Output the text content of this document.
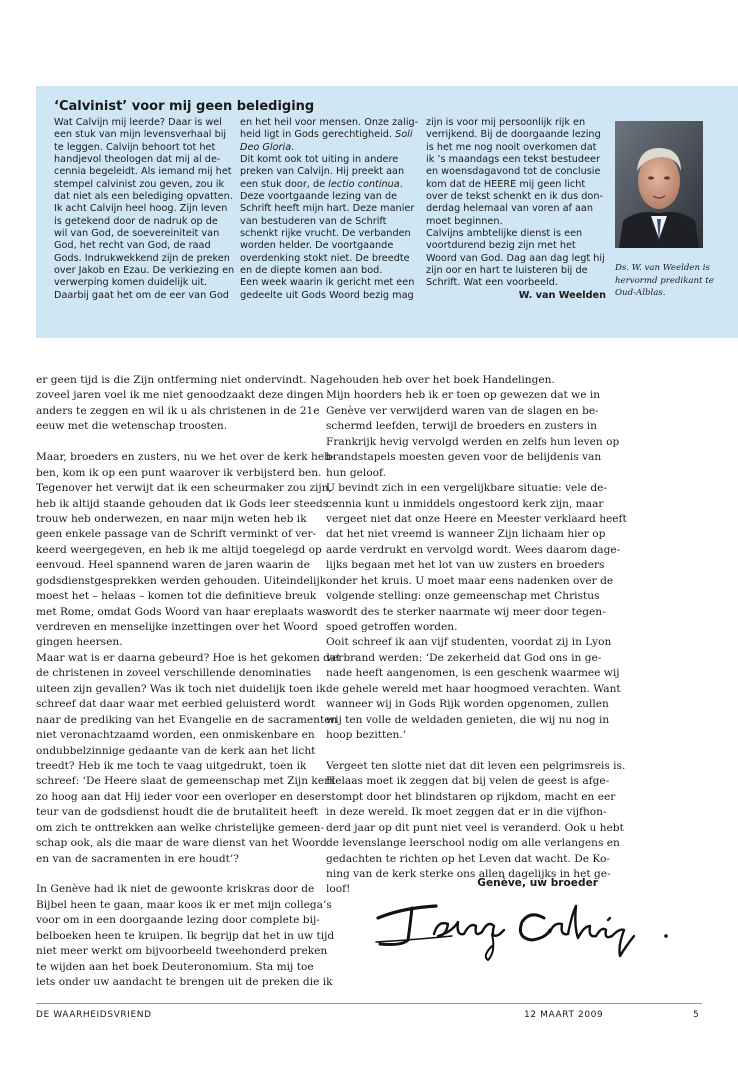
‘Calvinist’ voor mij geen belediging
Wat Calvijn mij leerde? Daar is wel
een stuk van mijn levensverhaal bij
te leggen. Calvijn behoort tot het
handjevol theologen dat mij al de-
cennia begeleidt. Als iemand mij het
stempel calvinist zou geven, zou ik
dat niet als een belediging opvatten.
Ik acht Calvijn heel hoog. Zijn leven
is getekend door de nadruk op de
wil van God, de soevereiniteit van
God, het recht van God, de raad
Gods. Indrukwekkend zijn de preken
over Jakob en Ezau. De verkiezing en
verwerping komen duidelijk uit.
Daarbij gaat het om de eer van God
en het heil voor mensen. Onze zalig-
heid ligt in Gods gerechtigheid. Soli
Deo Gloria.
Dit komt ook tot uiting in andere
preken van Calvijn. Hij preekt aan
een stuk door, de lectio continua.
Deze voortgaande lezing van de
Schrift heeft mijn hart. Deze manier
van bestuderen van de Schrift
schenkt rijke vrucht. De verbanden
worden helder. De voortgaande
overdenking stokt niet. De breedte
en de diepte komen aan bod.
Een week waarin ik gericht met een
gedeelte uit Gods Woord bezig mag
zijn is voor mij persoonlijk rijk en
verrijkend. Bij de doorgaande lezing
is het me nog nooit overkomen dat
ik ’s maandags een tekst bestudeer
en woensdagavond tot de conclusie
kom dat de HEERE mij geen licht
over de tekst schenkt en ik dus don-
derdag helemaal van voren af aan
moet beginnen.
Calvijns ambtelijke dienst is een
voortdurend bezig zijn met het
Woord van God. Dag aan dag legt hij
zijn oor en hart te luisteren bij de
Schrift. Wat een voorbeeld.
W. van Weelden
Ds. W. van Weelden is
hervormd predikant te
Oud-Alblas.
er geen tijd is die Zijn ontferming niet ondervindt. Na
zoveel jaren voel ik me niet genoodzaakt deze dingen
anders te zeggen en wil ik u als christenen in de 21e
eeuw met die wetenschap troosten.
Maar, broeders en zusters, nu we het over de kerk heb-
ben, kom ik op een punt waarover ik verbijsterd ben.
Tegenover het verwijt dat ik een scheurmaker zou zijn,
heb ik altijd staande gehouden dat ik Gods leer steeds
trouw heb onderwezen, en naar mijn weten heb ik
geen enkele passage van de Schrift verminkt of ver-
keerd weergegeven, en heb ik me altijd toegelegd op
eenvoud. Heel spannend waren de jaren waarin de
godsdienstgesprekken werden gehouden. Uiteindelijk
moest het – helaas – komen tot die definitieve breuk
met Rome, omdat Gods Woord van haar ereplaats was
verdreven en menselijke inzettingen over het Woord
gingen heersen.
Maar wat is er daarna gebeurd? Hoe is het gekomen dat
de christenen in zoveel verschillende denominaties
uiteen zijn gevallen? Was ik toch niet duidelijk toen ik
schreef dat daar waar met eerbied geluisterd wordt
naar de prediking van het Evangelie en de sacramenten
niet veronachtzaamd worden, een onmiskenbare en
ondubbelzinnige gedaante van de kerk aan het licht
treedt? Heb ik me toch te vaag uitgedrukt, toen ik
schreef: ‘De Heere slaat de gemeenschap met Zijn kerk
zo hoog aan dat Hij ieder voor een overloper en deser-
teur van de godsdienst houdt die de brutaliteit heeft
om zich te onttrekken aan welke christelijke gemeen-
schap ook, als die maar de ware dienst van het Woord
en van de sacramenten in ere houdt’?
In Genève had ik niet de gewoonte kriskras door de
Bijbel heen te gaan, maar koos ik er met mijn collega’s
voor om in een doorgaande lezing door complete bij-
belboeken heen te kruipen. Ik begrijp dat het in uw tijd
niet meer werkt om bijvoorbeeld tweehonderd preken
te wijden aan het boek Deuteronomium. Sta mij toe
iets onder uw aandacht te brengen uit de preken die ik
gehouden heb over het boek Handelingen.
Mijn hoorders heb ik er toen op gewezen dat we in
Genève ver verwijderd waren van de slagen en be-
schermd leefden, terwijl de broeders en zusters in
Frankrijk hevig vervolgd werden en zelfs hun leven op
brandstapels moesten geven voor de belijdenis van
hun geloof.
U bevindt zich in een vergelijkbare situatie: vele de-
cennia kunt u inmiddels ongestoord kerk zijn, maar
vergeet niet dat onze Heere en Meester verklaard heeft
dat het niet vreemd is wanneer Zijn lichaam hier op
aarde verdrukt en vervolgd wordt. Wees daarom dage-
lijks begaan met het lot van uw zusters en broeders
onder het kruis. U moet maar eens nadenken over de
volgende stelling: onze gemeenschap met Christus
wordt des te sterker naarmate wij meer door tegen-
spoed getroffen worden.
Ooit schreef ik aan vijf studenten, voordat zij in Lyon
verbrand werden: ‘De zekerheid dat God ons in ge-
nade heeft aangenomen, is een geschenk waarmee wij
de gehele wereld met haar hoogmoed verachten. Want
wanneer wij in Gods Rijk worden opgenomen, zullen
wij ten volle de weldaden genieten, die wij nu nog in
hoop bezitten.’
Vergeet ten slotte niet dat dit leven een pelgrimsreis is.
Helaas moet ik zeggen dat bij velen de geest is afge-
stompt door het blindstaren op rijkdom, macht en eer
in deze wereld. Ik moet zeggen dat er in die vijfhon-
derd jaar op dit punt niet veel is veranderd. Ook u hebt
de levenslange leerschool nodig om alle verlangens en
gedachten te richten op het Leven dat wacht. De Ko-
ning van de kerk sterke ons allen dagelijks in het ge-
loof!
Genève, uw broeder
DE WAARHEIDSVRIEND	12 MAART 2009	5
